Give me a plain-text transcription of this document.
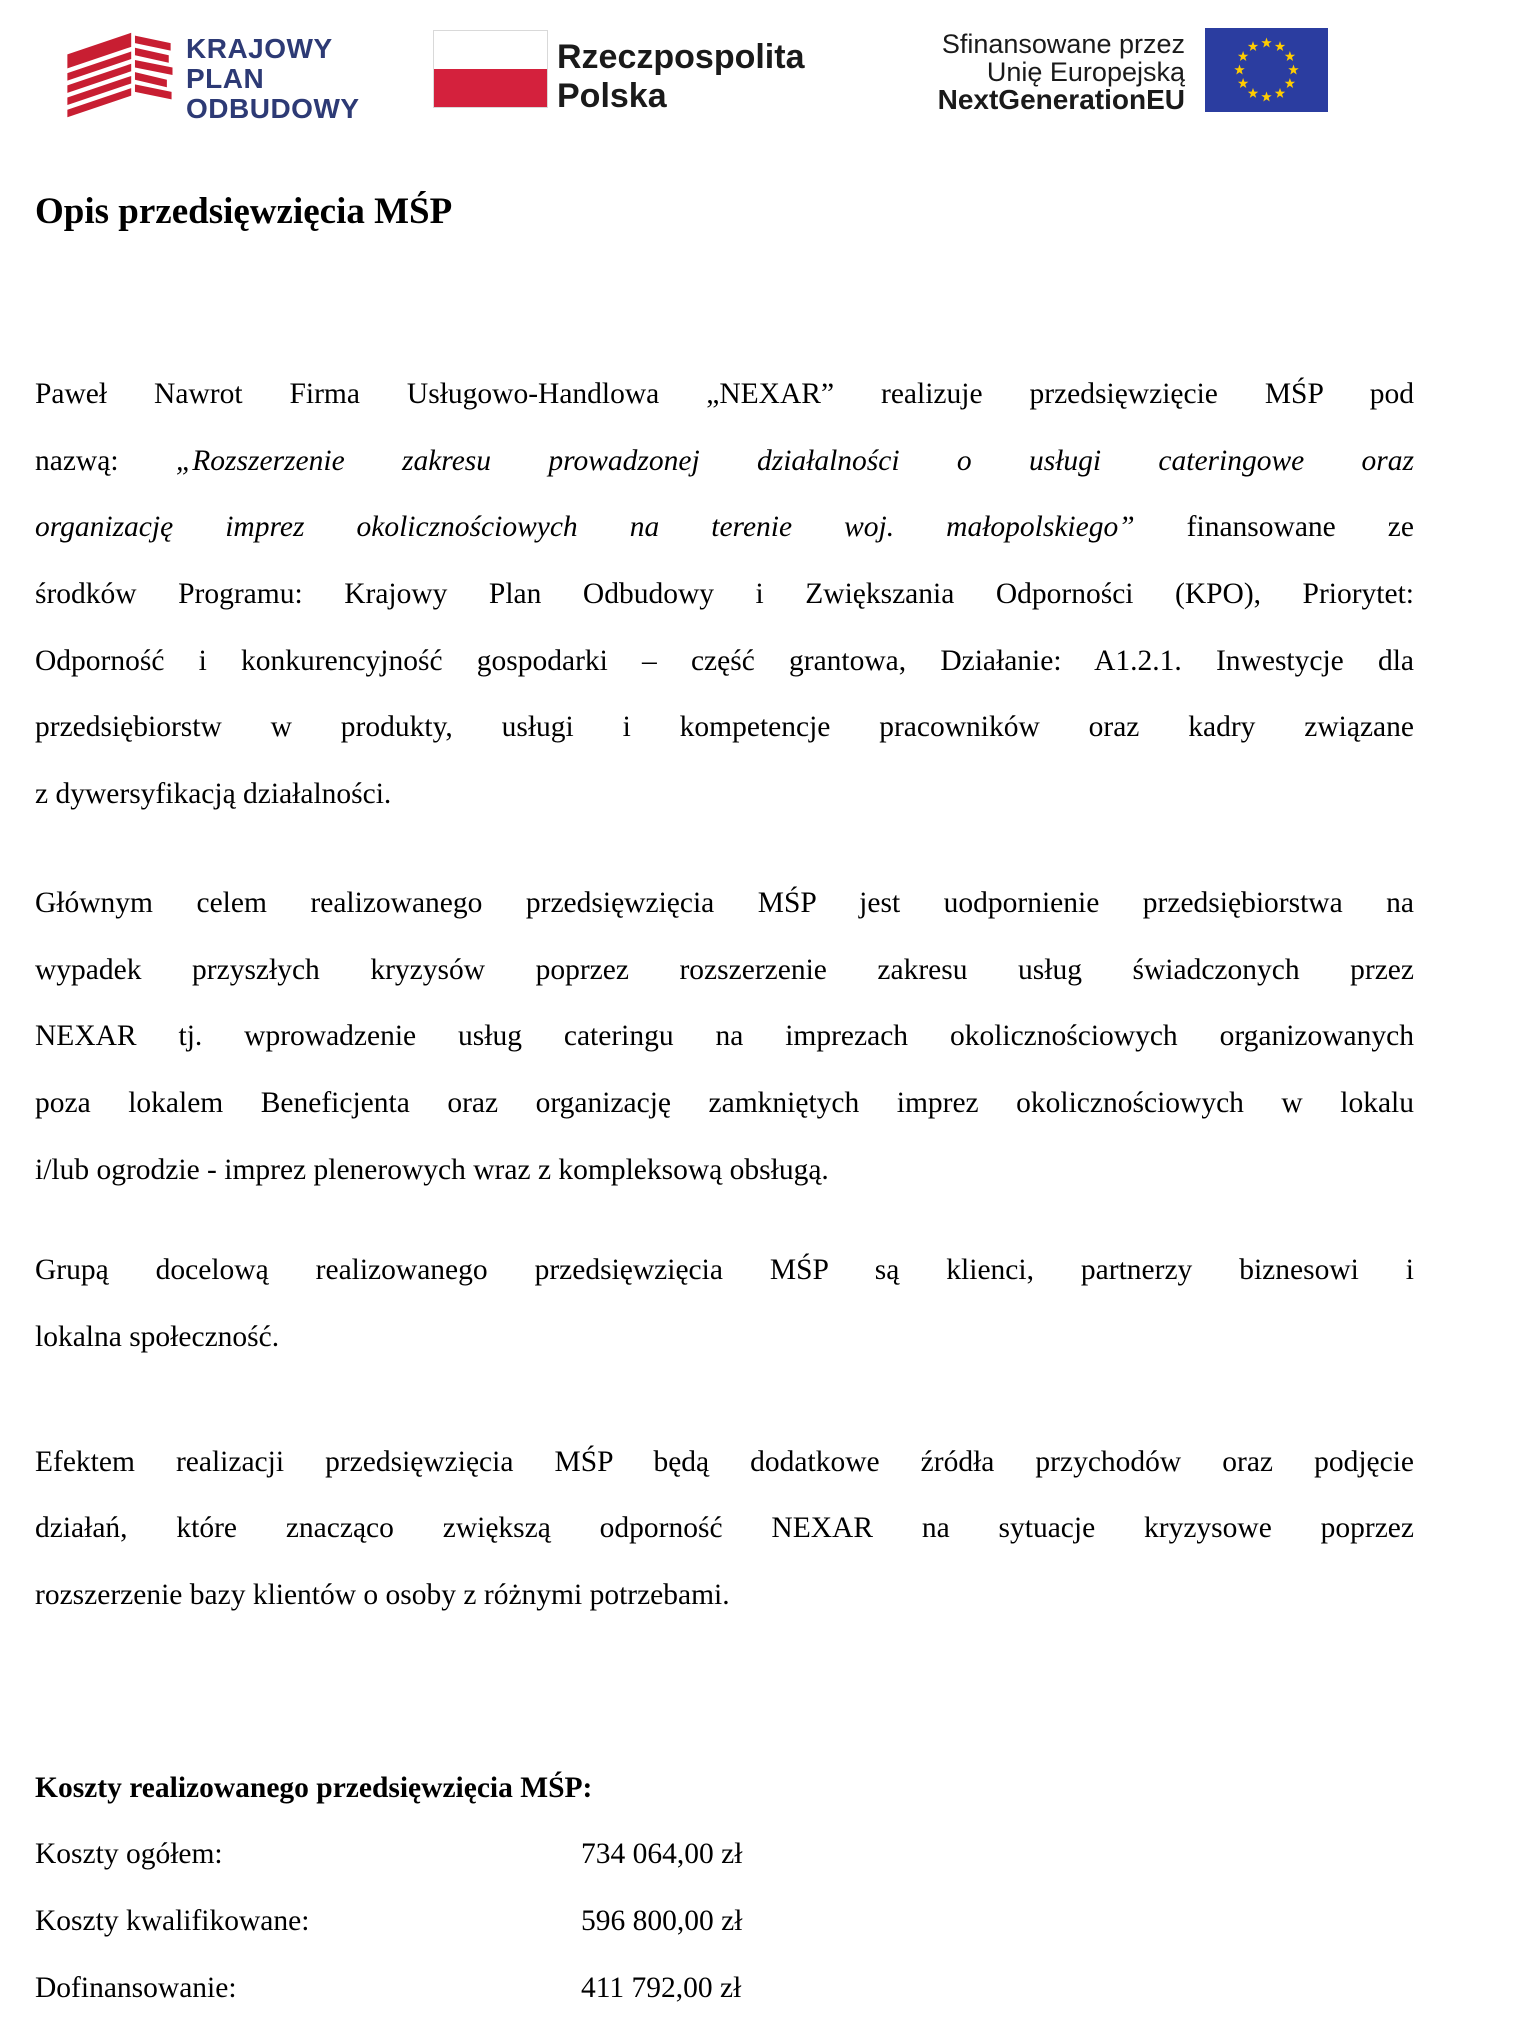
KRAJOWY
PLAN
ODBUDOWY
Rzeczpospolita
Polska
Sfinansowane przez
Unię Europejską
NextGenerationEU
Opis przedsięwzięcia MŚP
Paweł Nawrot Firma Usługowo-Handlowa „NEXAR” realizuje przedsięwzięcie MŚP pod
nazwą: „Rozszerzenie zakresu prowadzonej działalności o usługi cateringowe oraz
organizację imprez okolicznościowych na terenie woj. małopolskiego” finansowane ze
środków Programu: Krajowy Plan Odbudowy i Zwiększania Odporności (KPO), Priorytet:
Odporność i konkurencyjność gospodarki – część grantowa, Działanie: A1.2.1. Inwestycje dla
przedsiębiorstw w produkty, usługi i kompetencje pracowników oraz kadry związane
z dywersyfikacją działalności.
Głównym celem realizowanego przedsięwzięcia MŚP jest uodpornienie przedsiębiorstwa na
wypadek przyszłych kryzysów poprzez rozszerzenie zakresu usług świadczonych przez
NEXAR tj. wprowadzenie usług cateringu na imprezach okolicznościowych organizowanych
poza lokalem Beneficjenta oraz organizację zamkniętych imprez okolicznościowych w lokalu
i/lub ogrodzie - imprez plenerowych wraz z kompleksową obsługą.
Grupą docelową realizowanego przedsięwzięcia MŚP są klienci, partnerzy biznesowi i
lokalna społeczność.
Efektem realizacji przedsięwzięcia MŚP będą dodatkowe źródła przychodów oraz podjęcie
działań, które znacząco zwiększą odporność NEXAR na sytuacje kryzysowe poprzez
rozszerzenie bazy klientów o osoby z różnymi potrzebami.
Koszty realizowanego przedsięwzięcia MŚP:
Koszty ogółem:	734 064,00 zł
Koszty kwalifikowane:	596 800,00 zł
Dofinansowanie:	411 792,00 zł
